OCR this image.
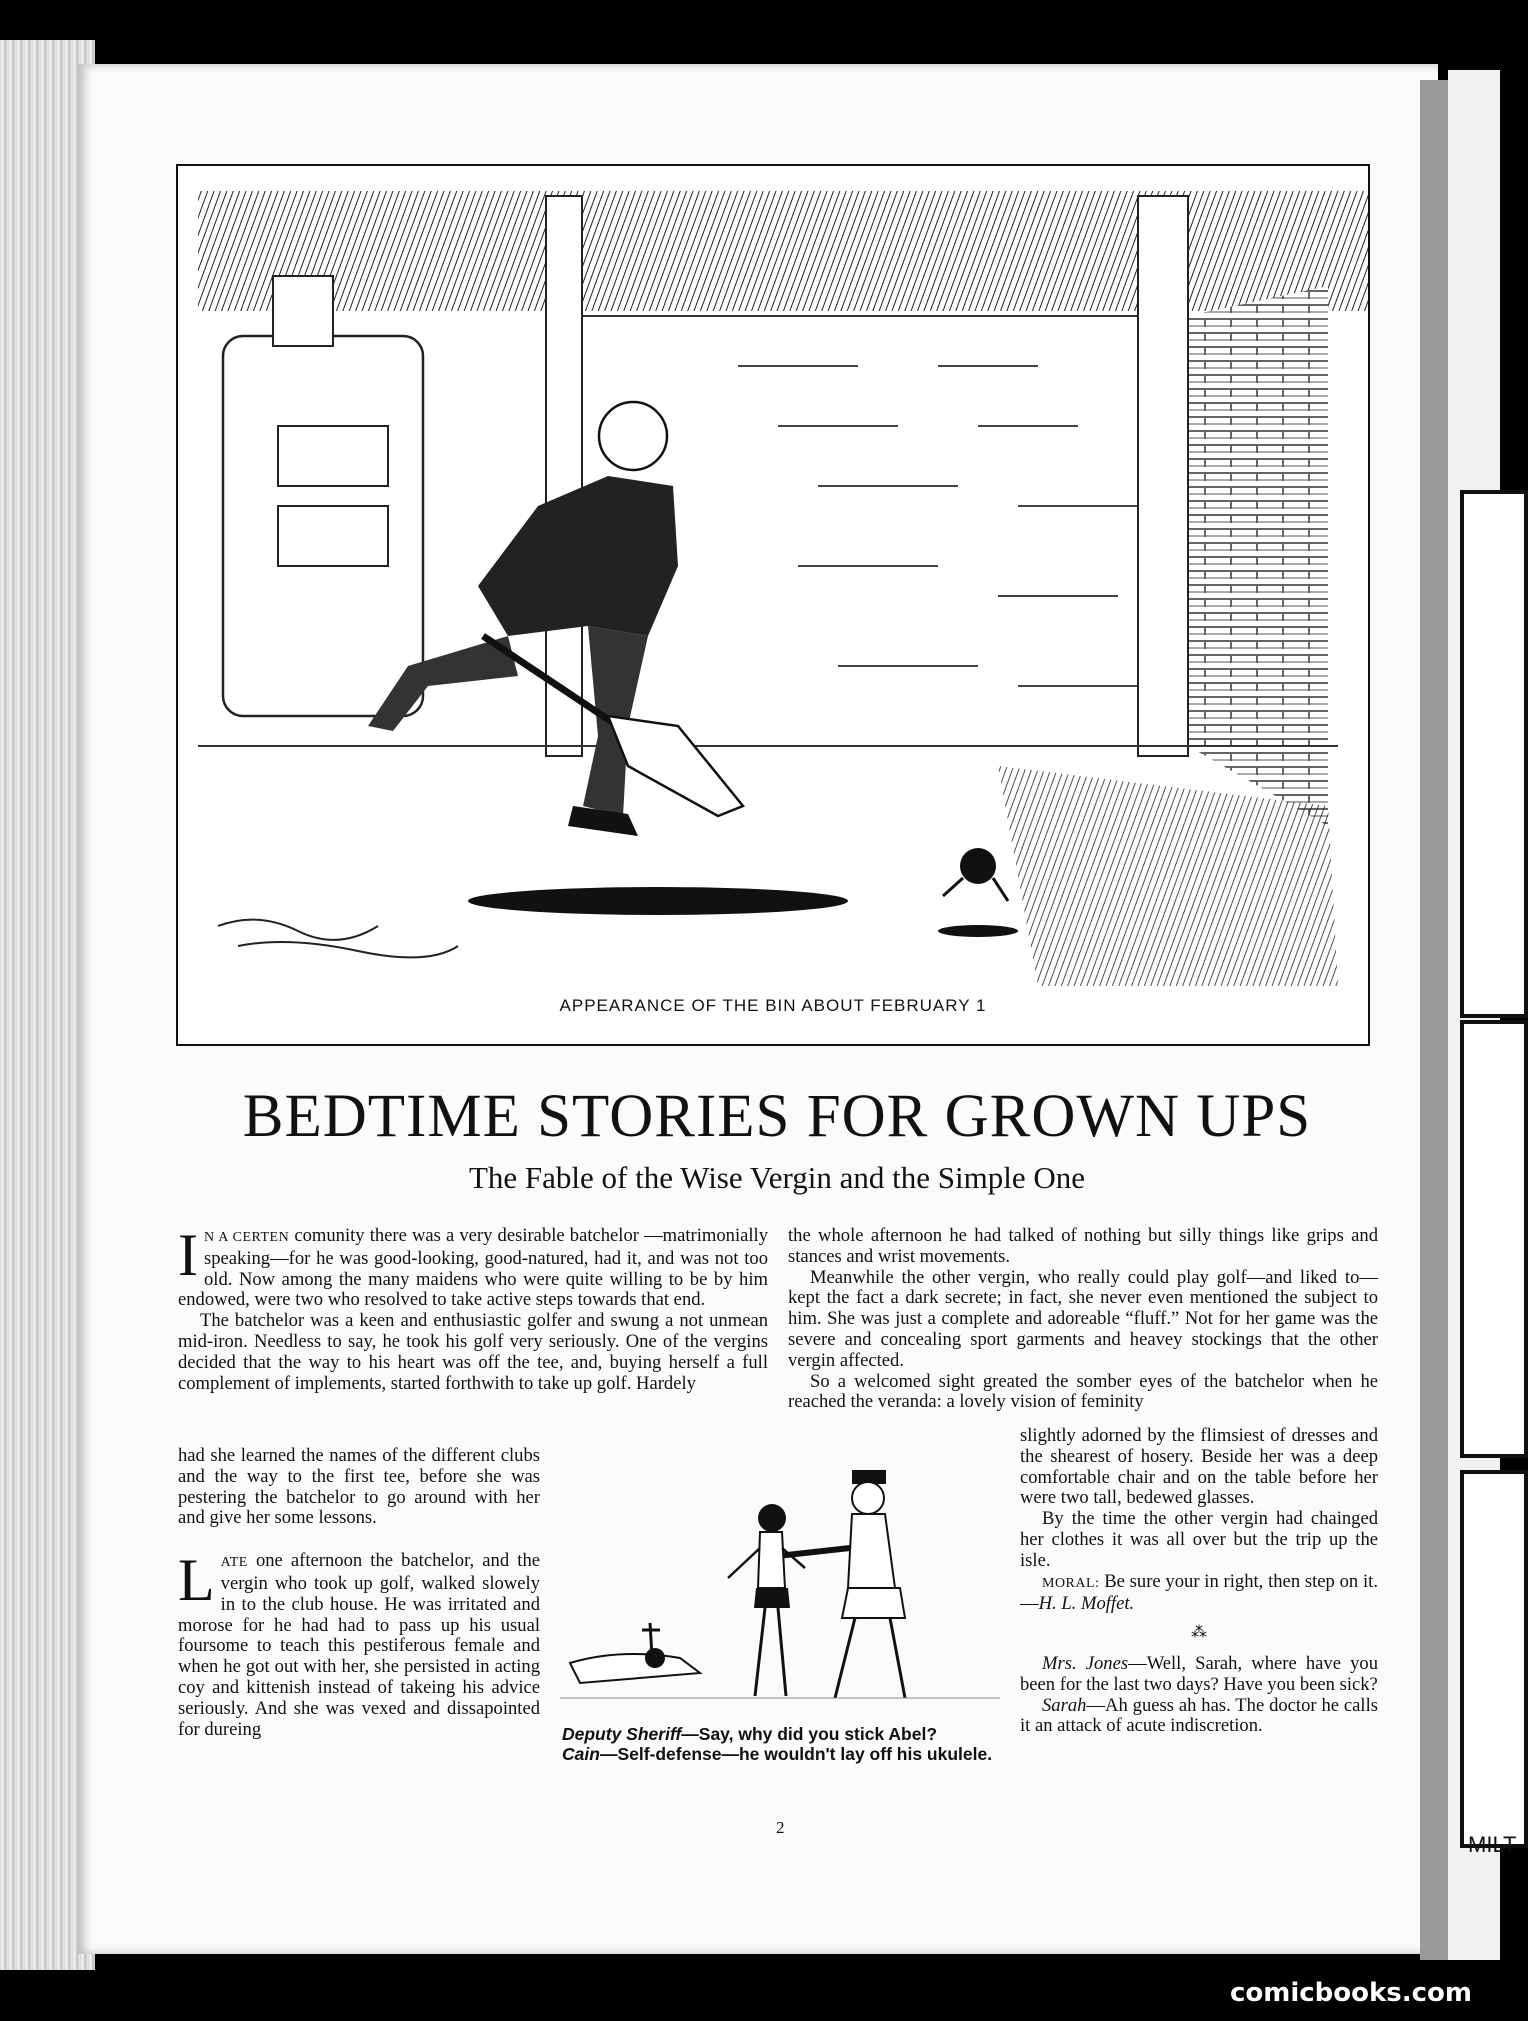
MILT
APPEARANCE OF THE BIN ABOUT FEBRUARY 1
BEDTIME STORIES FOR GROWN UPS
The Fable of the Wise Vergin and the Simple One

I N A CERTEN comunity there was a very desirable batchelor —matrimonially speaking—for he was good-looking, good-natured, had it, and was not too old. Now among the many maidens who were quite willing to be by him endowed, were two who resolved to take active steps towards that end.

The batchelor was a keen and enthusiastic golfer and swung a not unmean mid-iron. Needless to say, he took his golf very seriously. One of the vergins decided that the way to his heart was off the tee, and, buying herself a full complement of implements, started forthwith to take up golf. Hardely

had she learned the names of the different clubs and the way to the first tee, before she was pestering the batchelor to go around with her and give her some lessons.

L ATE one afternoon the batchelor, and the vergin who took up golf, walked slowely in to the club house. He was irritated and morose for he had had to pass up his usual foursome to teach this pestiferous female and when he got out with her, she persisted in acting coy and kittenish instead of takeing his advice seriously. And she was vexed and dissapointed for dureing

the whole afternoon he had talked of nothing but silly things like grips and stances and wrist movements.

Meanwhile the other vergin, who really could play golf—and liked to—kept the fact a dark secrete; in fact, she never even mentioned the subject to him. She was just a complete and adoreable “fluff.” Not for her game was the severe and concealing sport garments and heavey stockings that the other vergin affected.

So a welcomed sight greated the somber eyes of the batchelor when he reached the veranda: a lovely vision of feminity

slightly adorned by the flimsiest of dresses and the shearest of hosery. Beside her was a deep comfortable chair and on the table before her were two tall, bedewed glasses.

By the time the other vergin had chainged her clothes it was all over but the trip up the isle.

MORAL: Be sure your in right, then step on it.—H. L. Moffet.

⁂

Mrs. Jones—Well, Sarah, where have you been for the last two days? Have you been sick?

Sarah—Ah guess ah has. The doctor he calls it an attack of acute indiscretion.

Deputy Sheriff—Say, why did you stick Abel?
Cain—Self-defense—he wouldn't lay off his ukulele.
2
comicbooks.com
